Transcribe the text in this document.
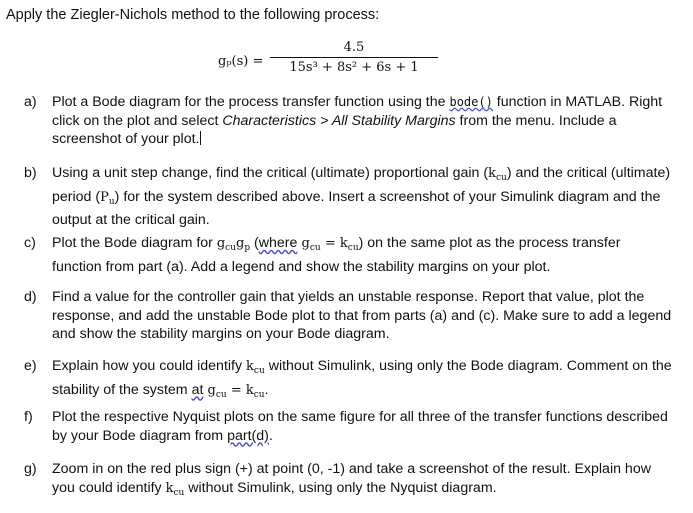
Apply the Ziegler-Nichols method to the following process:
$g_p(s) = \frac{4.5}{\text{15s³ + 8s² + 6s + 1}}$
a) Plot a Bode diagram for the process transfer function using the bode() function in MATLAB. Right click on the plot and select Characteristics > All Stability Margins from the menu. Include a screenshot of your plot.
b) Using a unit step change, find the critical (ultimate) proportional gain $(k_{cu})$ and the critical (ultimate) period $(P_u)$ for the system described above. Insert a screenshot of your Simulink diagram and the output at the critical gain.
c) Plot the Bode diagram for $g_{cu}g_p$ (where $g_{cu} = k_{cu}$) on the same plot as the process transfer function from part (a). Add a legend and show the stability margins on your plot.
d) Find a value for the controller gain that yields an unstable response. Report that value, plot the response, and add the unstable Bode plot to that from parts (a) and (c). Make sure to add a legend and show the stability margins on your Bode diagram.
e) Explain how you could identify $k_{cu}$ without Simulink, using only the Bode diagram. Comment on the stability of the system at $g_{cu} = k_{cu}$.
f) Plot the respective Nyquist plots on the same figure for all three of the transfer functions described by your Bode diagram from part(d).
g) Zoom in on the red plus sign (+) at point (0, -1) and take a screenshot of the result. Explain how you could identify $k_{cu}$ without Simulink, using only the Nyquist diagram.
